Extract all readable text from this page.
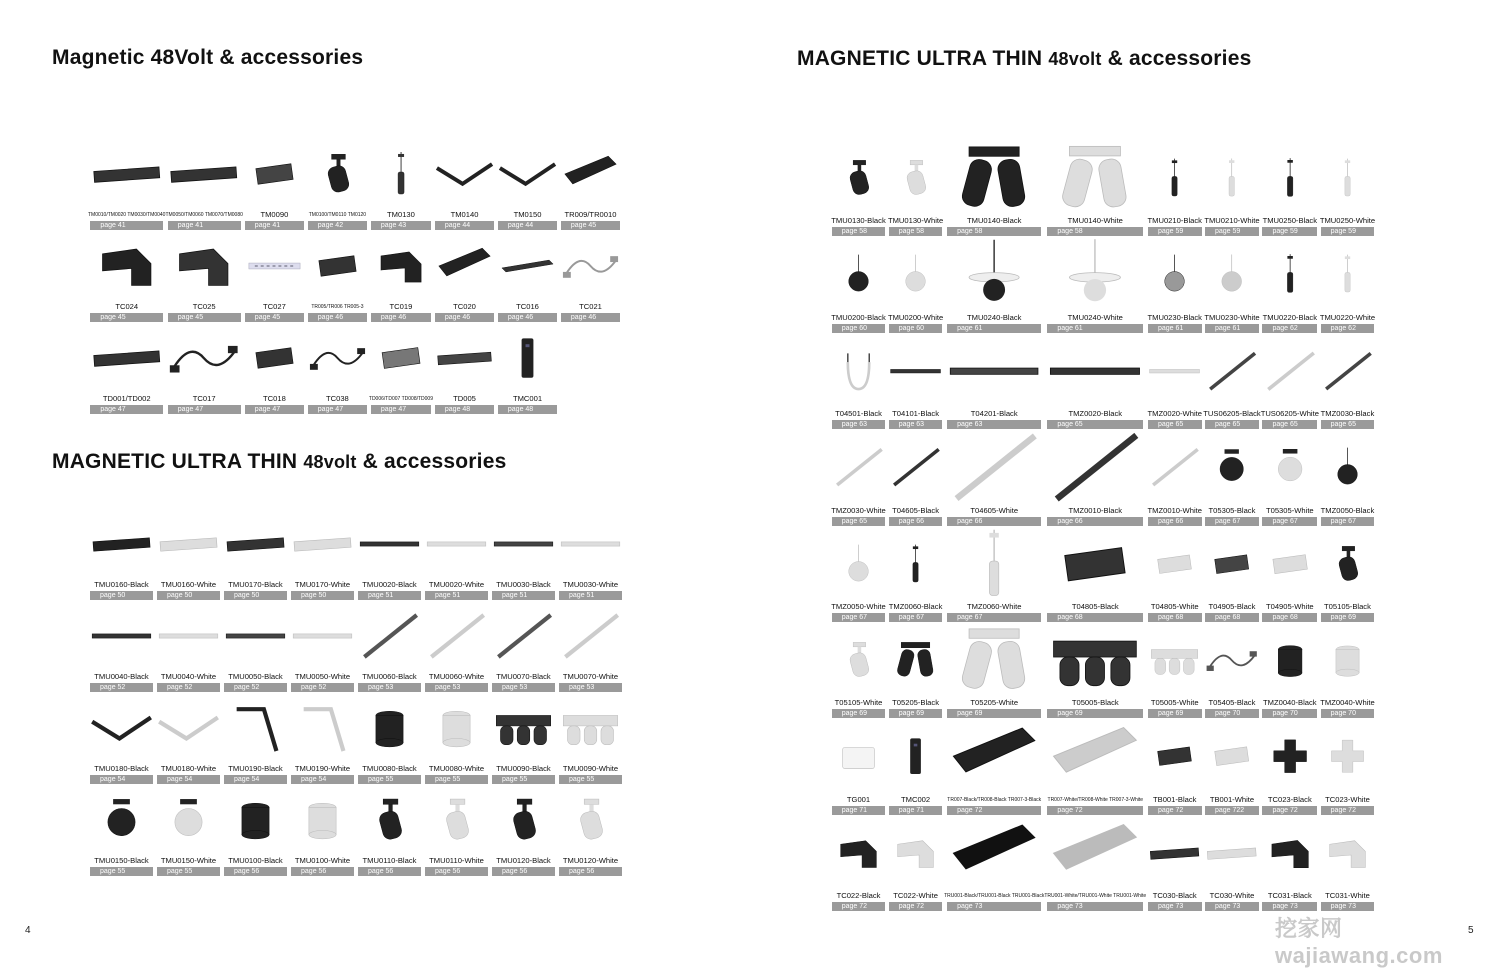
Magnetic 48Volt & accessories
TM0010/TM0020 TM0030/TM0040
page 41
TM0050/TM0060 TM0070/TM0080
page 41
TM0090
page 41
TM0100/TM0110 TM0120
page 42
TM0130
page 43
TM0140
page 44
TM0150
page 44
TR009/TR0010
page 45
TC024
page 45
TC025
page 45
TC027
page 45
TR005/TR006 TR005-3
page 46
TC019
page 46
TC020
page 46
TC016
page 46
TC021
page 46
TD001/TD002
page 47
TC017
page 47
TC018
page 47
TC038
page 47
TD006/TD007 TD008/TD009
page 47
TD005
page 48
TMC001
page 48
MAGNETIC ULTRA THIN 48volt & accessories
TMU0160-Black
page 50
TMU0160-White
page 50
TMU0170-Black
page 50
TMU0170-White
page 50
TMU0020-Black
page 51
TMU0020-White
page 51
TMU0030-Black
page 51
TMU0030-White
page 51
TMU0040-Black
page 52
TMU0040-White
page 52
TMU0050-Black
page 52
TMU0050-White
page 52
TMU0060-Black
page 53
TMU0060-White
page 53
TMU0070-Black
page 53
TMU0070-White
page 53
TMU0180-Black
page 54
TMU0180-White
page 54
TMU0190-Black
page 54
TMU0190-White
page 54
TMU0080-Black
page 55
TMU0080-White
page 55
TMU0090-Black
page 55
TMU0090-White
page 55
TMU0150-Black
page 55
TMU0150-White
page 55
TMU0100-Black
page 56
TMU0100-White
page 56
TMU0110-Black
page 56
TMU0110-White
page 56
TMU0120-Black
page 56
TMU0120-White
page 56
4
MAGNETIC ULTRA THIN 48volt & accessories
TMU0130-Black
page 58
TMU0130-White
page 58
TMU0140-Black
page 58
TMU0140-White
page 58
TMU0210-Black
page 59
TMU0210-White
page 59
TMU0250-Black
page 59
TMU0250-White
page 59
TMU0200-Black
page 60
TMU0200-White
page 60
TMU0240-Black
page 61
TMU0240-White
page 61
TMU0230-Black
page 61
TMU0230-White
page 61
TMU0220-Black
page 62
TMU0220-White
page 62
T04501-Black
page 63
T04101-Black
page 63
T04201-Black
page 63
TMZ0020-Black
page 65
TMZ0020-White
page 65
TUS06205-Black
page 65
TUS06205-White
page 65
TMZ0030-Black
page 65
TMZ0030-White
page 65
T04605-Black
page 66
T04605-White
page 66
TMZ0010-Black
page 66
TMZ0010-White
page 66
T05305-Black
page 67
T05305-White
page 67
TMZ0050-Black
page 67
TMZ0050-White
page 67
TMZ0060-Black
page 67
TMZ0060-White
page 67
T04805-Black
page 68
T04805-White
page 68
T04905-Black
page 68
T04905-White
page 68
T05105-Black
page 69
T05105-White
page 69
T05205-Black
page 69
T05205-White
page 69
T05005-Black
page 69
T05005-White
page 69
T05405-Black
page 70
TMZ0040-Black
page 70
TMZ0040-White
page 70
TG001
page 71
TMC002
page 71
TR007-Black/TR008-Black TR007-3-Black
page 72
TR007-White/TR008-White TR007-3-White
page 72
TB001-Black
page 72
TB001-White
page 722
TC023-Black
page 72
TC023-White
page 72
TC022-Black
page 72
TC022-White
page 72
TRU001-Black/TRU001-Black TRU001-Black
page 73
TRU001-White/TRU001-White TRU001-White
page 73
TC030-Black
page 73
TC030-White
page 73
TC031-Black
page 73
TC031-White
page 73
5
挖家网 wajiawang.com
